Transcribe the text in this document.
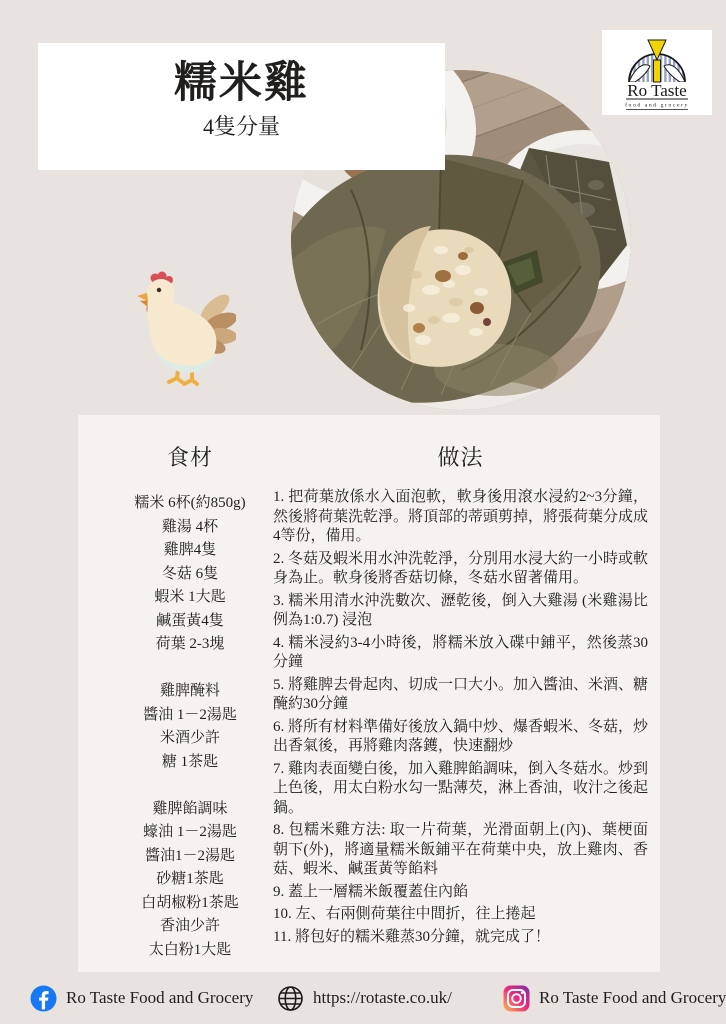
糯米雞

4隻分量

Ro Taste
food and grocery
食材
糯米 6杯(約850g)
雞湯 4杯
雞脾4隻
冬菇 6隻
蝦米 1大匙
鹹蛋黃4隻
荷葉 2-3塊
雞脾醃料
醬油 1－2湯匙
米酒少許
糖 1茶匙
雞脾餡調味
蠔油 1－2湯匙
醬油1－2湯匙
砂糖1茶匙
白胡椒粉1茶匙
香油少許
太白粉1大匙
做法
1. 把荷葉放係水入面泡軟，軟身後用滾水浸約2~3分鐘，然後將荷葉洗乾淨。將頂部的蒂頭剪掉，將張荷葉分成成4等份，備用。
2. 冬菇及蝦米用水沖洗乾淨，分別用水浸大約一小時或軟身為止。軟身後將香菇切條，冬菇水留著備用。
3. 糯米用清水沖洗數次、瀝乾後，倒入大雞湯 (米雞湯比例為1:0.7) 浸泡
4. 糯米浸約3-4小時後，將糯米放入碟中鋪平，然後蒸30分鐘
5. 將雞脾去骨起肉、切成一口大小。加入醬油、米酒、糖醃約30分鐘
6. 將所有材料準備好後放入鍋中炒、爆香蝦米、冬菇，炒出香氣後，再將雞肉落鑊，快速翻炒
7. 雞肉表面變白後，加入雞脾餡調味，倒入冬菇水。炒到上色後，用太白粉水勾一點薄芡，淋上香油，收汁之後起鍋。
8. 包糯米雞方法: 取一片荷葉，光滑面朝上(內)、葉梗面朝下(外)，將適量糯米飯鋪平在荷葉中央，放上雞肉、香菇、蝦米、鹹蛋黃等餡料
9. 蓋上一層糯米飯覆蓋住內餡
10. 左、右兩側荷葉往中間折，往上捲起
11. 將包好的糯米雞蒸30分鐘，就完成了！
Ro Taste Food and Grocery	https://rotaste.co.uk/	Ro Taste Food and Grocery
